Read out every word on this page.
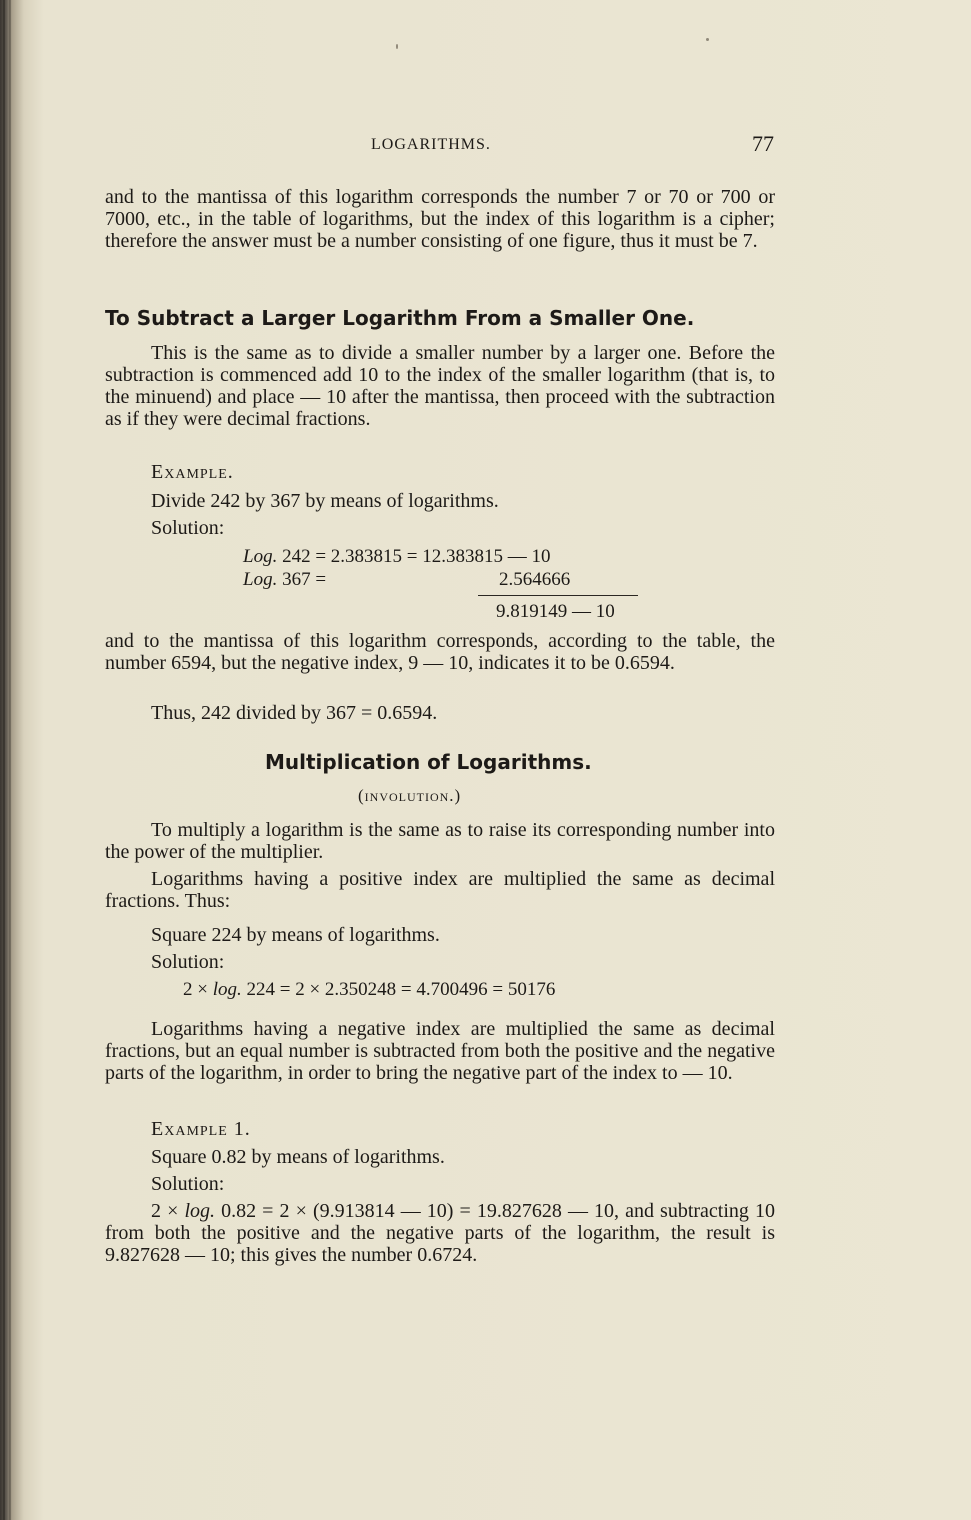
LOGARITHMS.	77
and to the mantissa of this logarithm corresponds the number 7 or 70 or 700 or 7000, etc., in the table of logarithms, but the index of this logarithm is a cipher; therefore the answer must be a number consisting of one figure, thus it must be 7.
To Subtract a Larger Logarithm From a Smaller One.
This is the same as to divide a smaller number by a larger one. Before the subtraction is commenced add 10 to the index of the smaller logarithm (that is, to the minuend) and place — 10 after the mantissa, then proceed with the subtraction as if they were decimal fractions.
Example.
Divide 242 by 367 by means of logarithms.
Solution:
Log. 242 = 2.383815 = 12.383815 — 10
Log. 367 =	2.564666
9.819149 — 10
and to the mantissa of this logarithm corresponds, according to the table, the number 6594, but the negative index, 9 — 10, indicates it to be 0.6594.
Thus, 242 divided by 367 = 0.6594.
Multiplication of Logarithms.
(involution.)
To multiply a logarithm is the same as to raise its corresponding number into the power of the multiplier.
Logarithms having a positive index are multiplied the same as decimal fractions. Thus:
Square 224 by means of logarithms.
Solution:
2 × log. 224 = 2 × 2.350248 = 4.700496 = 50176
Logarithms having a negative index are multiplied the same as decimal fractions, but an equal number is subtracted from both the positive and the negative parts of the logarithm, in order to bring the negative part of the index to — 10.
Example 1.
Square 0.82 by means of logarithms.
Solution:
2 × log. 0.82 = 2 × (9.913814 — 10) = 19.827628 — 10, and subtracting 10 from both the positive and the negative parts of the logarithm, the result is 9.827628 — 10; this gives the number 0.6724.
